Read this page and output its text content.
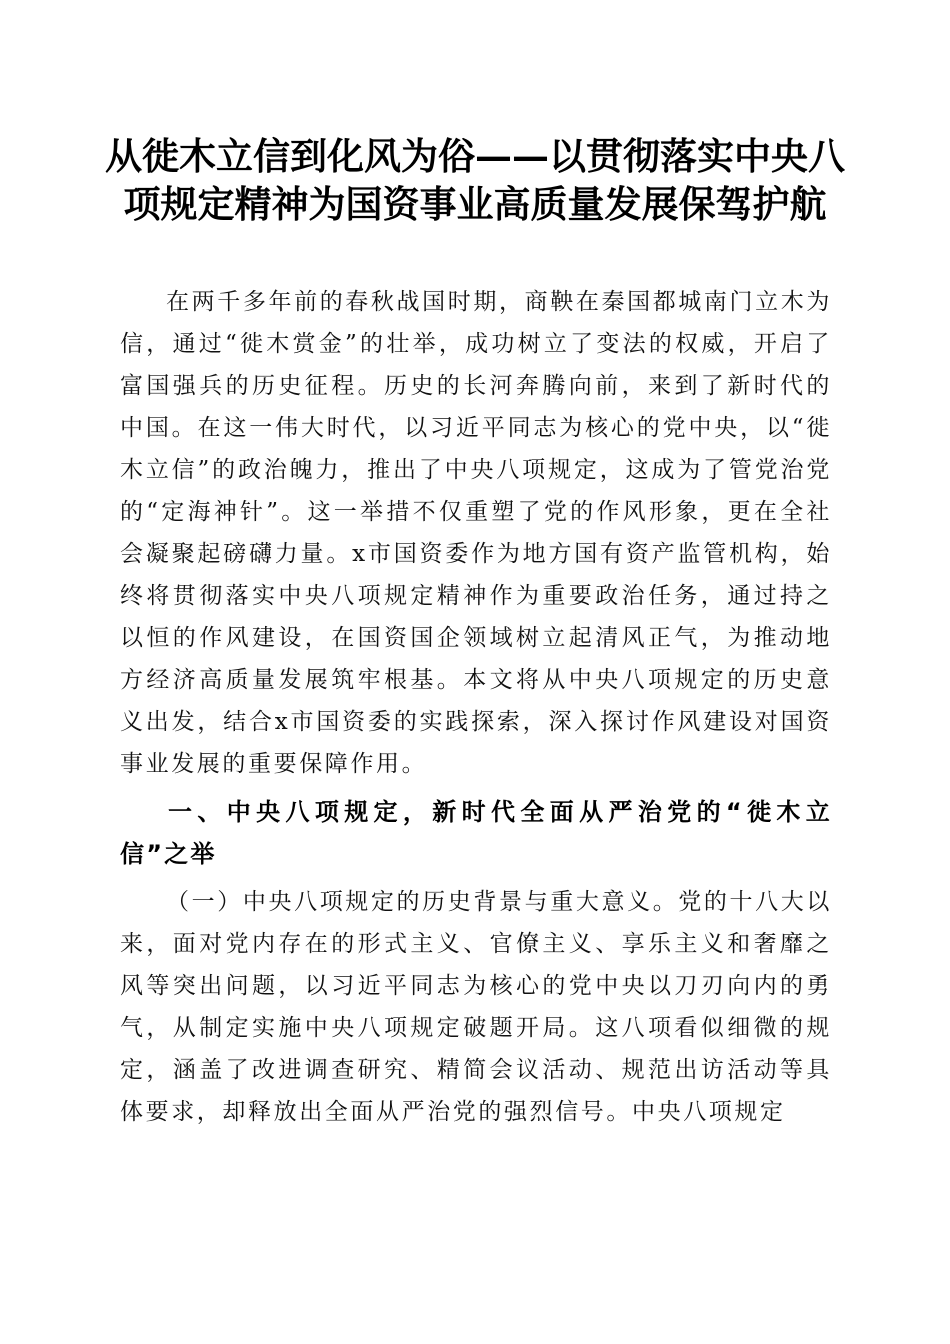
从徙木立信到化风为俗——以贯彻落实中央八
项规定精神为国资事业高质量发展保驾护航

在两千多年前的春秋战国时期，商鞅在秦国都城南门立木为信，通过“徙木赏金”的壮举，成功树立了变法的权威，开启了富国强兵的历史征程。历史的长河奔腾向前，来到了新时代的中国。在这一伟大时代，以习近平同志为核心的党中央，以“徙木立信”的政治魄力，推出了中央八项规定，这成为了管党治党的“定海神针”。这一举措不仅重塑了党的作风形象，更在全社会凝聚起磅礴力量。x市国资委作为地方国有资产监管机构，始终将贯彻落实中央八项规定精神作为重要政治任务，通过持之以恒的作风建设，在国资国企领域树立起清风正气，为推动地方经济高质量发展筑牢根基。本文将从中央八项规定的历史意义出发，结合x市国资委的实践探索，深入探讨作风建设对国资事业发展的重要保障作用。

一、中央八项规定，新时代全面从严治党的“徙木立信”之举

（一）中央八项规定的历史背景与重大意义。党的十八大以来，面对党内存在的形式主义、官僚主义、享乐主义和奢靡之风等突出问题，以习近平同志为核心的党中央以刀刃向内的勇气，从制定实施中央八项规定破题开局。这八项看似细微的规定，涵盖了改进调查研究、精简会议活动、规范出访活动等具体要求，却释放出全面从严治党的强烈信号。中央八项规定
